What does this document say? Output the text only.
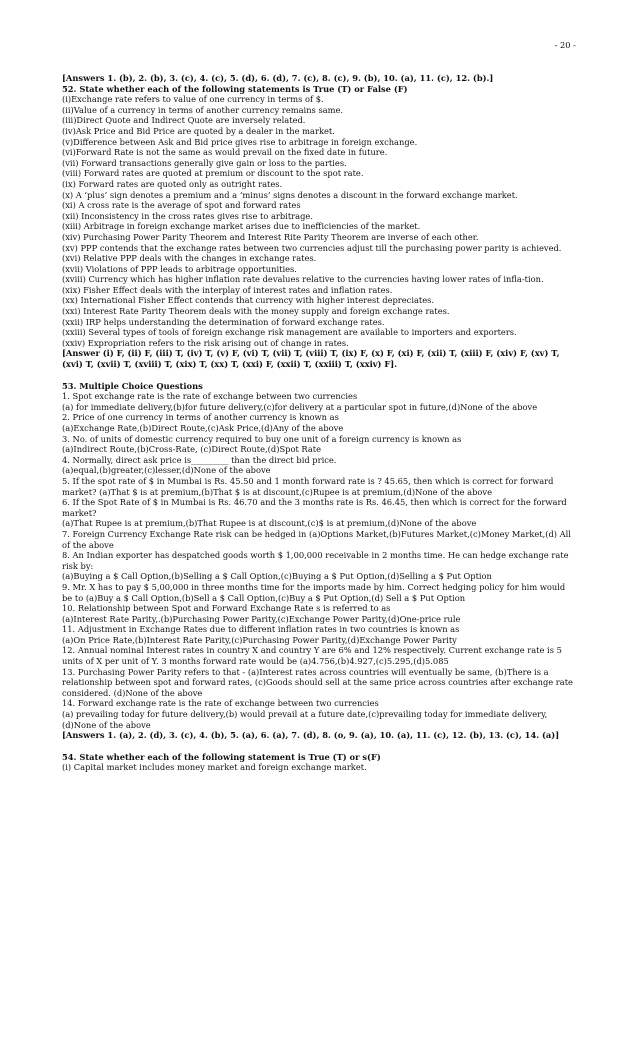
- 20 -

[Answers 1. (b), 2. (b), 3. (c), 4. (c), 5. (d), 6. (d), 7. (c), 8. (c), 9. (b), 10. (a), 11. (c), 12. (b).]

52. State whether each of the following statements is True (T) or False (F)

(i)Exchange rate refers to value of one currency in terms of $.

(ii)Value of a currency in terms of another currency remains same.

(iii)Direct Quote and Indirect Quote are inversely related.

(iv)Ask Price and Bid Price are quoted by a dealer in the market.

(v)Difference between Ask and Bid price gives rise to arbitrage in foreign exchange.

(vi)Forward Rate is not the same as would prevail on the fixed date in future.

(vii) Forward transactions generally give gain or loss to the parties.

(viii) Forward rates are quoted at premium or discount to the spot rate.

(ix) Forward rates are quoted only as outright rates.

(x) A ‘plus’ sign denotes a premium and a ‘minus’ signs denotes a discount in the forward exchange market.

(xi) A cross rate is the average of spot and forward rates

(xii) Inconsistency in the cross rates gives rise to arbitrage.

(xiii) Arbitrage in foreign exchange market arises due to inefficiencies of the market.

(xiv) Purchasing Power Parity Theorem and Interest Rite Parity Theorem are inverse of each other.

(xv) PPP contends that the exchange rates between two currencies adjust till the purchasing power parity is achieved.

(xvi) Relative PPP deals with the changes in exchange rates.

(xvii) Violations of PPP leads to arbitrage opportunities.

(xviii) Currency which has higher inflation rate devalues relative to the currencies having lower rates of infla-tion.

(xix) Fisher Effect deals with the interplay of interest rates and inflation rates.

(xx) International Fisher Effect contends that currency with higher interest depreciates.

(xxi) Interest Rate Parity Theorem deals with the money supply and foreign exchange rates.

(xxii) IRP helps understanding the determination of forward exchange rates.

(xxiii) Several types of tools of foreign exchange risk management are available to importers and exporters.

(xxiv) Expropriation refers to the risk arising out of change in rates.

[Answer (i) F, (ii) F, (iii) T, (iv) T, (v) F, (vi) T, (vii) T, (viii) T, (ix) F, (x) F, (xi) F, (xii) T, (xiii) F, (xiv) F, (xv) T, (xvi) T, (xvii) T, (xviii) T, (xix) T, (xx) T, (xxi) F, (xxii) T, (xxiii) T, (xxiv) F].

53. Multiple Choice Questions

1. Spot exchange rate is the rate of exchange between two currencies

(a) for immediate delivery,(b)for future delivery,(c)for delivery at a particular spot in future,(d)None of the above

2. Price of one currency in terms of another currency is known as

(a)Exchange Rate,(b)Direct Route,(c)Ask Price,(d)Any of the above

3. No. of units of domestic currency required to buy one unit of a foreign currency is known as

(a)Indirect Route,(b)Cross-Rate, (c)Direct Route,(d)Spot Rate

4. Normally, direct ask price is_________ than the direct bid price.

(a)equal,(b)greater,(c)lesser,(d)None of the above

5. If the spot rate of $ in Mumbai is Rs. 45.50 and 1 month forward rate is ? 45.65, then which is correct for forward market? (a)That $ is at premium,(b)That $ is at discount,(c)Rupee is at premium,(d)None of the above

6. If the Spot Rate of $ in Mumbai is Rs. 46.70 and the 3 months rate is Rs. 46.45, then which is correct for the forward market?

(a)That Rupee is at premium,(b)That Rupee is at discount,(c)$ is at premium,(d)None of the above

7. Foreign Currency Exchange Rate risk can be hedged in (a)Options Market,(b)Futures Market,(c)Money Market,(d) All of the above

8. An Indian exporter has despatched goods worth $ 1,00,000 receivable in 2 months time. He can hedge exchange rate risk by:

(a)Buying a $ Call Option,(b)Selling a $ Call Option,(c)Buying a $ Put Option,(d)Selling a $ Put Option

9. Mr. X has to pay $ 5,00,000 in three months time for the imports made by him. Correct hedging policy for him would be to (a)Buy a $ Call Option,(b)Sell a $ Call Option,(c)Buy a $ Put Option,(d) Sell a $ Put Option

10. Relationship between Spot and Forward Exchange Rate s is referred to as

(a)Interest Rate Parity,.(b)Purchasing Power Parity,(c)Exchange Power Parity,(d)One-price rule

11. Adjustment in Exchange Rates due to different inflation rates in two countries is known as

(a)On Price Rate,(b)Interest Rate Parity,(c)Purchasing Power Parity,(d)Exchange Power Parity

12. Annual nominal Interest rates in country X and country Y are 6% and 12% respectively. Current exchange rate is 5 units of X per unit of Y. 3 months forward rate would be (a)4.756,(b)4.927,(c)5.295,(d)5.085

13. Purchasing Power Parity refers to that - (a)Interest rates across countries will eventually be same, (b)There is a relationship between spot and forward rates, (c)Goods should sell at the same price across countries after exchange rate considered. (d)None of the above

14. Forward exchange rate is the rate of exchange between two currencies

(a) prevailing today for future delivery,(b) would prevail at a future date,(c)prevailing today for immediate delivery,(d)None of the above

[Answers 1. (a), 2. (d), 3. (c), 4. (b), 5. (a), 6. (a), 7. (d), 8. (o, 9. (a), 10. (a), 11. (c), 12. (b), 13. (c), 14. (a)]

54. State whether each of the following statement is True (T) or s(F)

(i) Capital market includes money market and foreign exchange market.
